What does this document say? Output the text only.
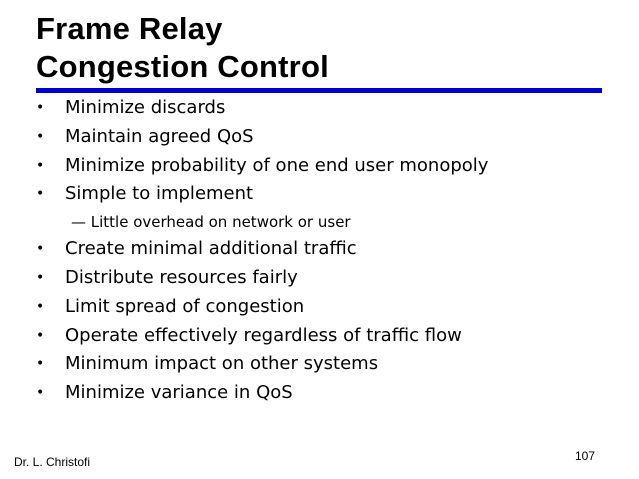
Frame Relay
Congestion Control
•	Minimize discards
•	Maintain agreed QoS
•	Minimize probability of one end user monopoly
•	Simple to implement
— Little overhead on network or user
•	Create minimal additional traffic
•	Distribute resources fairly
•	Limit spread of congestion
•	Operate effectively regardless of traffic flow
•	Minimum impact on other systems
•	Minimize variance in QoS
Dr. L. Christofi	107
